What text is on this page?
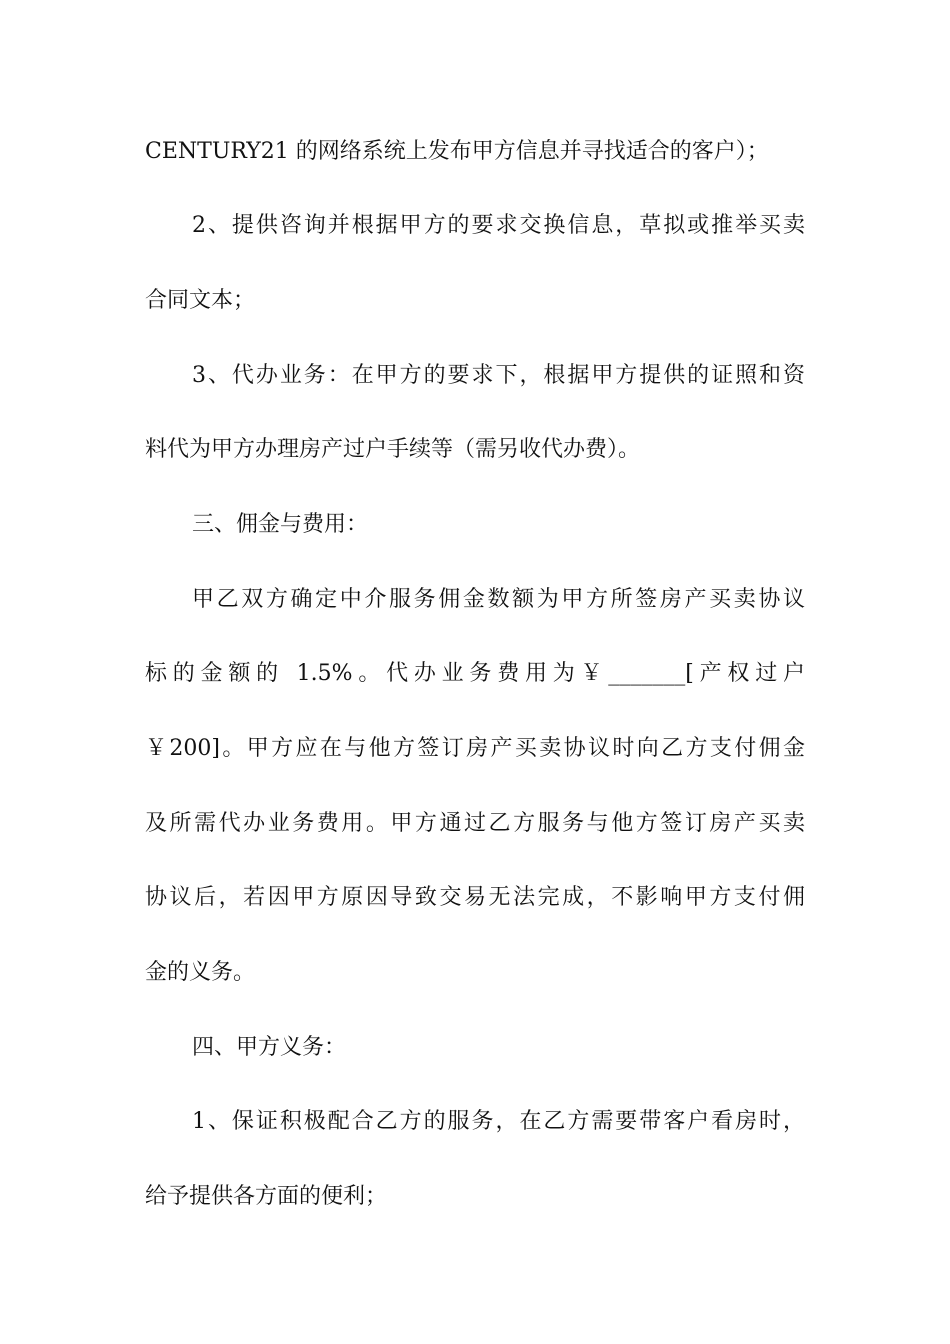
CENTURY21 的网络系统上发布甲方信息并寻找适合的客户）；
2、提供咨询并根据甲方的要求交换信息，草拟或推举买卖
合同文本；
3、代办业务：在甲方的要求下，根据甲方提供的证照和资
料代为甲方办理房产过户手续等（需另收代办费）。
三、佣金与费用：
甲乙双方确定中介服务佣金数额为甲方所签房产买卖协议
标的金额的 1.5%。代办业务费用为￥_______[产权过户
￥200]。甲方应在与他方签订房产买卖协议时向乙方支付佣金
及所需代办业务费用。甲方通过乙方服务与他方签订房产买卖
协议后，若因甲方原因导致交易无法完成，不影响甲方支付佣
金的义务。
四、甲方义务：
1、保证积极配合乙方的服务，在乙方需要带客户看房时，
给予提供各方面的便利；
